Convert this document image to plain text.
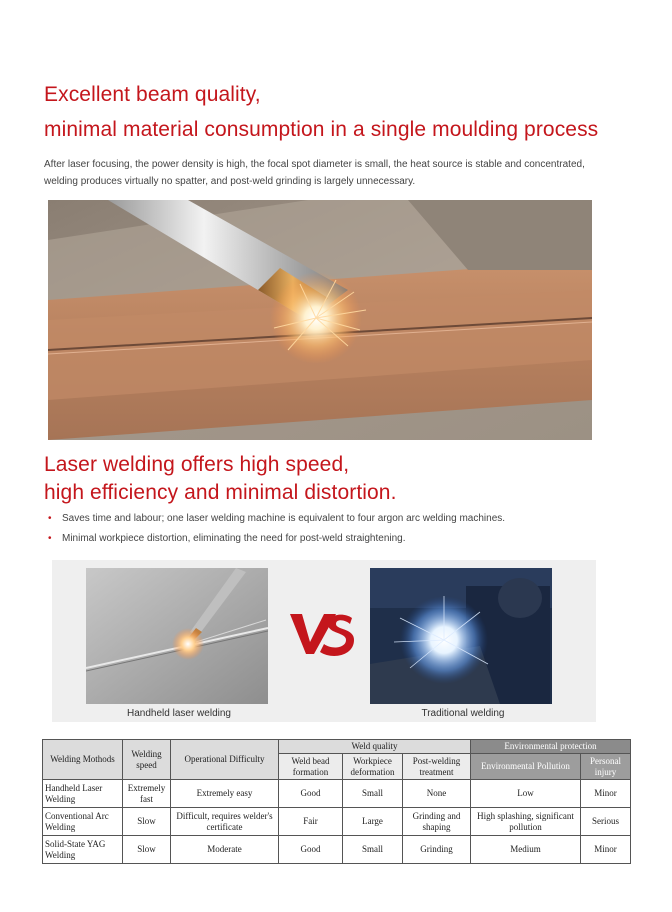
Excellent beam quality,
minimal material consumption in a single moulding process
After laser focusing, the power density is high, the focal spot diameter is small, the heat source is stable and concentrated,
welding produces virtually no spatter, and post-weld grinding is largely unnecessary.
Laser welding offers high speed,
high efficiency and minimal distortion.
• Saves time and labour; one laser welding machine is equivalent to four argon arc welding machines.
• Minimal workpiece distortion, eliminating the need for post-weld straightening.
Handheld laser welding	Traditional welding
Welding Mothods	Welding speed	Operational Difficulty	Weld quality			Environmental protection	
			Weld bead formation	Workpiece deformation	Post-welding treatment	Environmental Pollution	Personal injury
Handheld Laser Welding	Extremely fast	Extremely easy	Good	Small	None	Low	Minor
Conventional Arc Welding	Slow	Difficult, requires welder's certificate	Fair	Large	Grinding and shaping	High splashing, significant pollution	Serious
Solid-State YAG Welding	Slow	Moderate	Good	Small	Grinding	Medium	Minor
